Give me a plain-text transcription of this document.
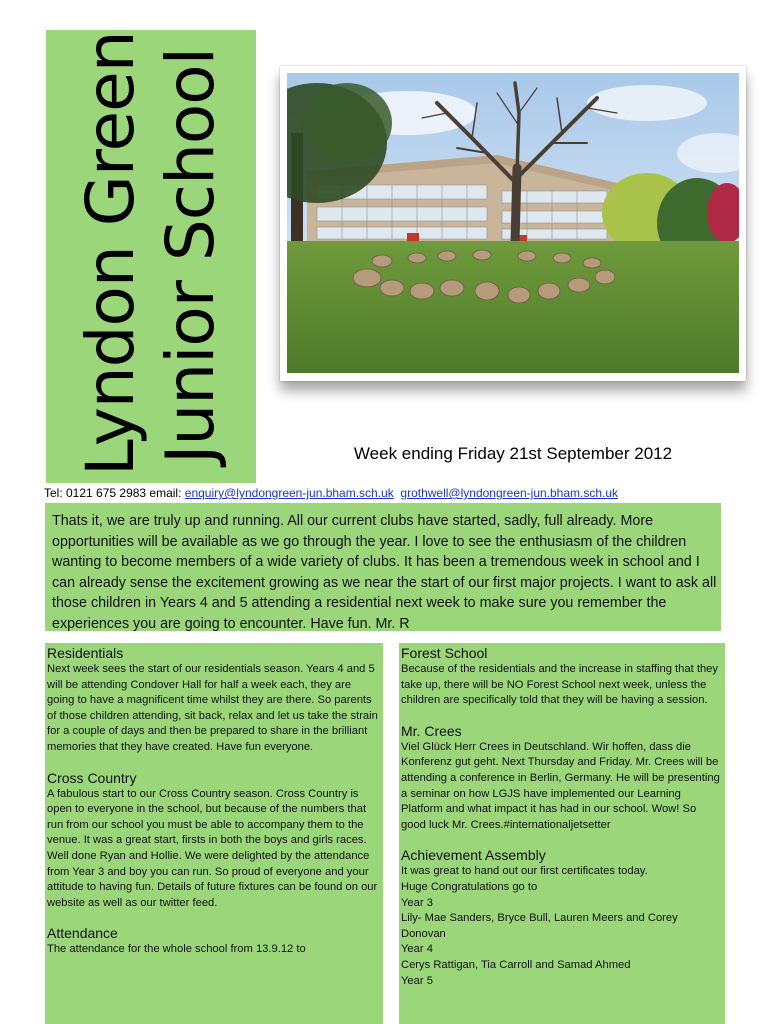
Lyndon Green Junior School	Week ending Friday 21st September 2012
Tel: 0121 675 2983 email: enquiry@lyndongreen-jun.bham.sch.uk grothwell@lyndongreen-jun.bham.sch.uk

Thats it, we are truly up and running. All our current clubs have started, sadly, full already. More opportunities will be available as we go through the year. I love to see the enthusiasm of the children wanting to become members of a wide variety of clubs. It has been a tremendous week in school and I can already sense the excitement growing as we near the start of our first major projects. I want to ask all those children in Years 4 and 5 attending a residential next week to make sure you remember the experiences you are going to encounter. Have fun. Mr. R

Residentials

Next week sees the start of our residentials season. Years 4 and 5 will be attending Condover Hall for half a week each, they are going to have a magnificent time whilst they are there. So parents of those children attending, sit back, relax and let us take the strain for a couple of days and then be prepared to share in the brilliant memories that they have created. Have fun everyone.

Cross Country

A fabulous start to our Cross Country season. Cross Country is open to everyone in the school, but because of the numbers that run from our school you must be able to accompany them to the venue. It was a great start, firsts in both the boys and girls races. Well done Ryan and Hollie. We were delighted by the attendance from Year 3 and boy you can run. So proud of everyone and your attitude to having fun. Details of future fixtures can be found on our website as well as our twitter feed.

Attendance

The attendance for the whole school from 13.9.12 to

Forest School

Because of the residentials and the increase in staffing that they take up, there will be NO Forest School next week, unless the children are specifically told that they will be having a session.

Mr. Crees

Viel Glück Herr Crees in Deutschland. Wir hoffen, dass die Konferenz gut geht. Next Thursday and Friday. Mr. Crees will be attending a conference in Berlin, Germany. He will be presenting a seminar on how LGJS have implemented our Learning Platform and what impact it has had in our school. Wow! So good luck Mr. Crees.#internationaljetsetter

Achievement Assembly
It was great to hand out our first certificates today.
Huge Congratulations go to
Year 3
Lily- Mae Sanders, Bryce Bull, Lauren Meers and Corey Donovan
Year 4
Cerys Rattigan, Tia Carroll and Samad Ahmed
Year 5
